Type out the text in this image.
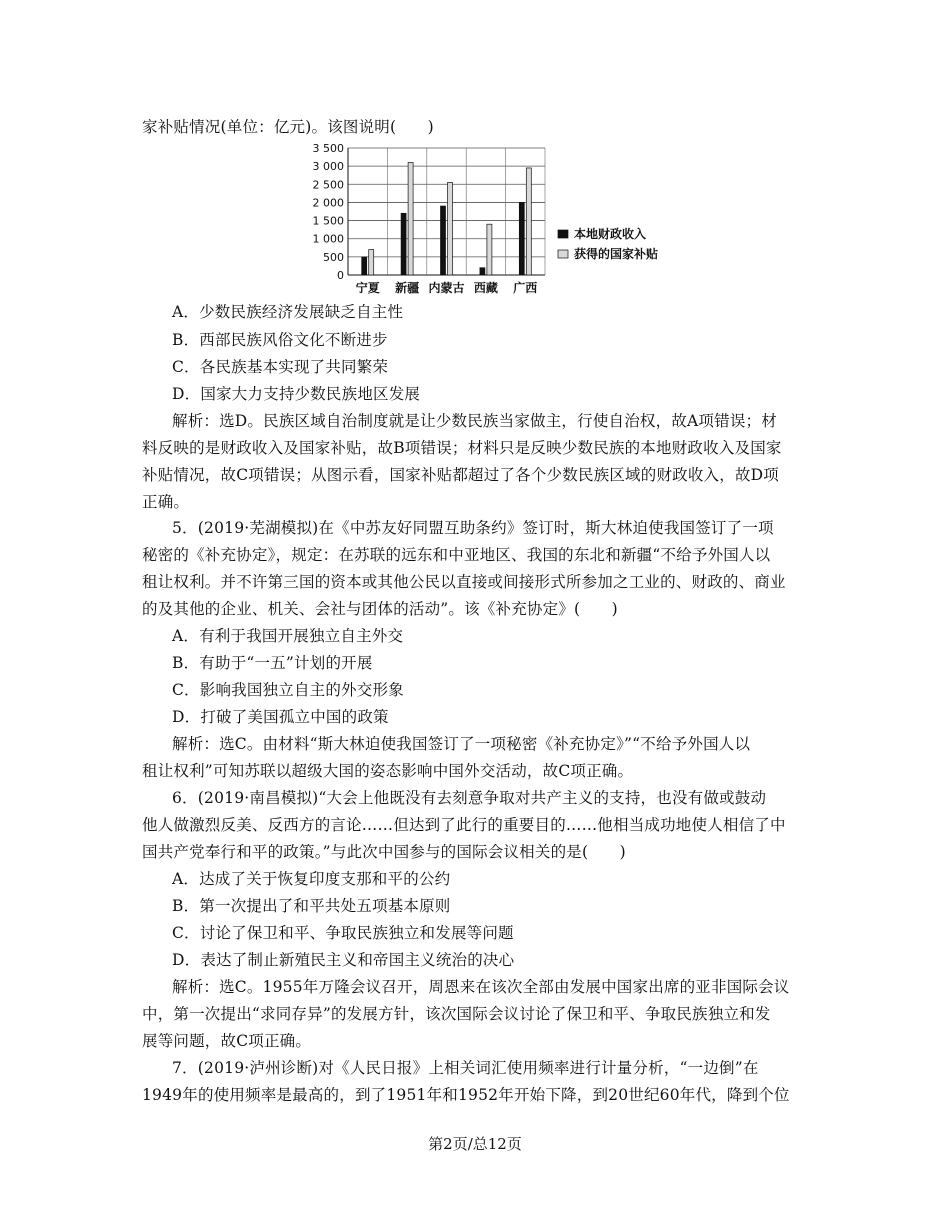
家补贴情况(单位：亿元)。该图说明(　　)
0
500
1 000
1 500
2 000
2 500
3 000
3 500
宁夏 新疆 内蒙古 西藏 广西
本地财政收入
获得的国家补贴
A．少数民族经济发展缺乏自主性
B．西部民族风俗文化不断进步
C．各民族基本实现了共同繁荣
D．国家大力支持少数民族地区发展
解析：选D。民族区域自治制度就是让少数民族当家做主，行使自治权，故A项错误；材
料反映的是财政收入及国家补贴，故B项错误；材料只是反映少数民族的本地财政收入及国家
补贴情况，故C项错误；从图示看，国家补贴都超过了各个少数民族区域的财政收入，故D项
正确。
5．(2019·芜湖模拟)在《中苏友好同盟互助条约》签订时，斯大林迫使我国签订了一项
秘密的《补充协定》，规定：在苏联的远东和中亚地区、我国的东北和新疆“不给予外国人以
租让权利。并不许第三国的资本或其他公民以直接或间接形式所参加之工业的、财政的、商业
的及其他的企业、机关、会社与团体的活动”。该《补充协定》(　　)
A．有利于我国开展独立自主外交
B．有助于“一五”计划的开展
C．影响我国独立自主的外交形象
D．打破了美国孤立中国的政策
解析：选C。由材料“斯大林迫使我国签订了一项秘密《补充协定》”“不给予外国人以
租让权利”可知苏联以超级大国的姿态影响中国外交活动，故C项正确。
6．(2019·南昌模拟)“大会上他既没有去刻意争取对共产主义的支持，也没有做或鼓动
他人做激烈反美、反西方的言论……但达到了此行的重要目的……他相当成功地使人相信了中
国共产党奉行和平的政策。”与此次中国参与的国际会议相关的是(　　)
A．达成了关于恢复印度支那和平的公约
B．第一次提出了和平共处五项基本原则
C．讨论了保卫和平、争取民族独立和发展等问题
D．表达了制止新殖民主义和帝国主义统治的决心
解析：选C。1955年万隆会议召开，周恩来在该次全部由发展中国家出席的亚非国际会议
中，第一次提出“求同存异”的发展方针，该次国际会议讨论了保卫和平、争取民族独立和发
展等问题，故C项正确。
7．(2019·泸州诊断)对《人民日报》上相关词汇使用频率进行计量分析，“一边倒”在
1949年的使用频率是最高的，到了1951年和1952年开始下降，到20世纪60年代，降到个位
第2页/总12页
